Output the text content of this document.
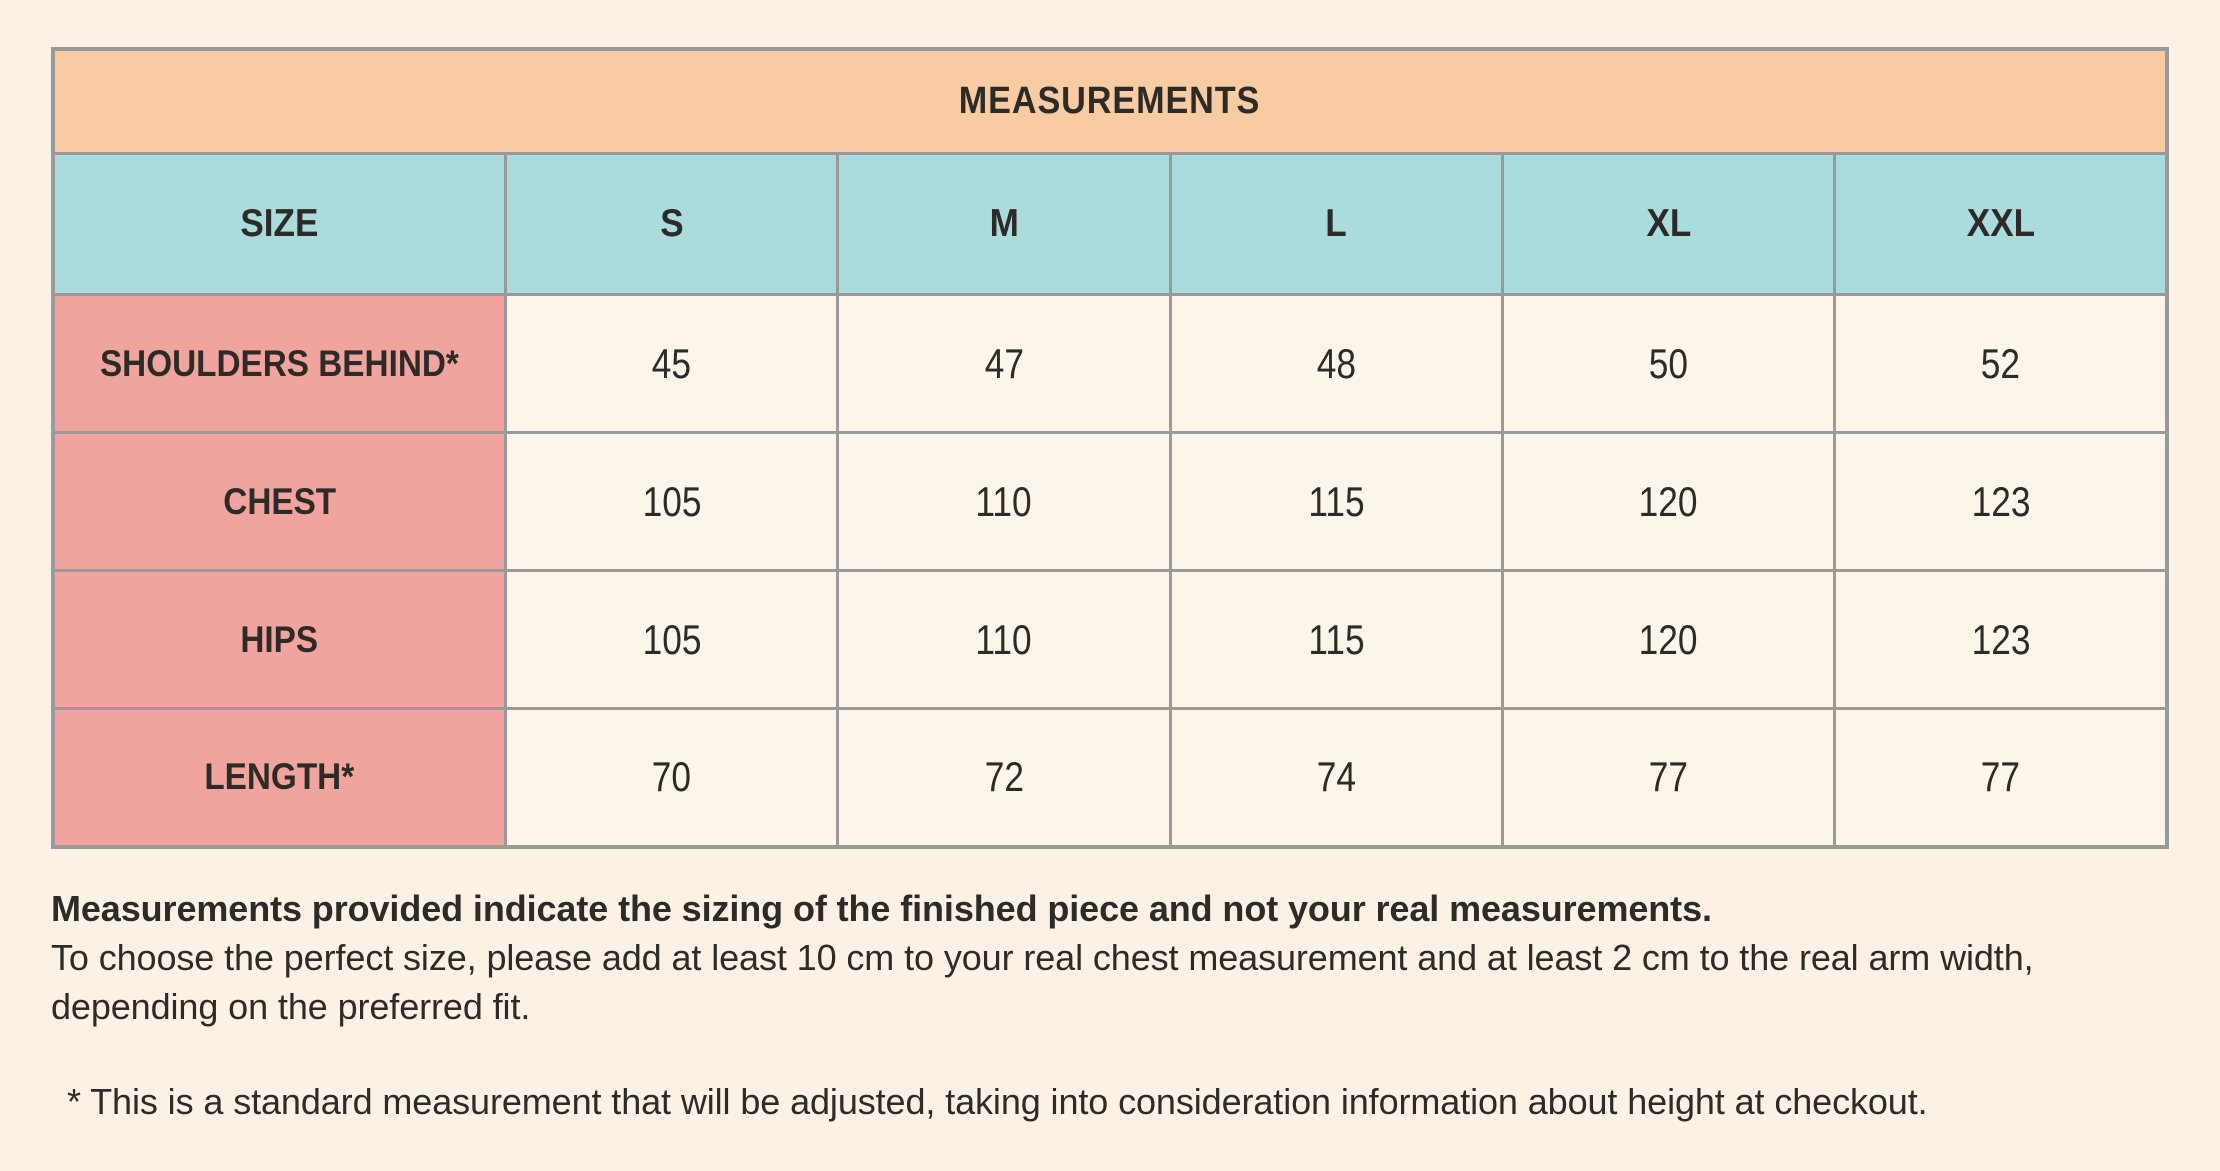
MEASUREMENTS					
SIZE	S	M	L	XL	XXL
SHOULDERS BEHIND*	45	47	48	50	52
CHEST	105	110	115	120	123
HIPS	105	110	115	120	123
LENGTH*	70	72	74	77	77

Measurements provided indicate the sizing of the finished piece and not your real measurements.

To choose the perfect size, please add at least 10 cm to your real chest measurement and at least 2 cm to the real arm width, depending on the preferred fit.

* This is a standard measurement that will be adjusted, taking into consideration information about height at checkout.
